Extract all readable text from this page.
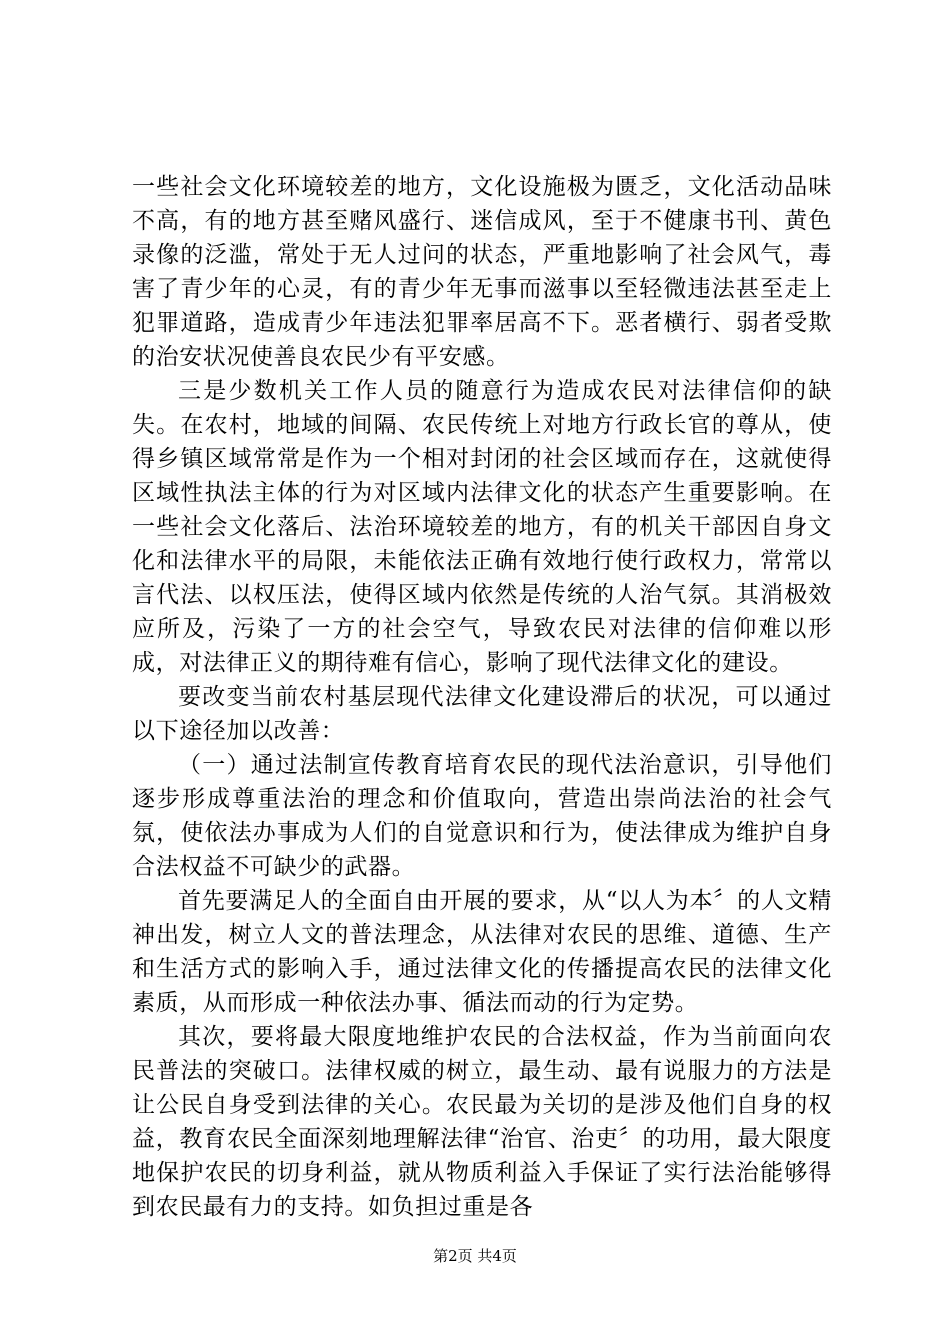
一些社会文化环境较差的地方，文化设施极为匮乏，文化活动品味不高，有的地方甚至赌风盛行、迷信成风，至于不健康书刊、黄色录像的泛滥，常处于无人过问的状态，严重地影响了社会风气，毒害了青少年的心灵，有的青少年无事而滋事以至轻微违法甚至走上犯罪道路，造成青少年违法犯罪率居高不下。恶者横行、弱者受欺的治安状况使善良农民少有平安感。

三是少数机关工作人员的随意行为造成农民对法律信仰的缺失。在农村，地域的间隔、农民传统上对地方行政长官的尊从，使得乡镇区域常常是作为一个相对封闭的社会区域而存在，这就使得区域性执法主体的行为对区域内法律文化的状态产生重要影响。在一些社会文化落后、法治环境较差的地方，有的机关干部因自身文化和法律水平的局限，未能依法正确有效地行使行政权力，常常以言代法、以权压法，使得区域内依然是传统的人治气氛。其消极效应所及，污染了一方的社会空气，导致农民对法律的信仰难以形成，对法律正义的期待难有信心，影响了现代法律文化的建设。

要改变当前农村基层现代法律文化建设滞后的状况，可以通过以下途径加以改善：

（一）通过法制宣传教育培育农民的现代法治意识，引导他们逐步形成尊重法治的理念和价值取向，营造出崇尚法治的社会气氛，使依法办事成为人们的自觉意识和行为，使法律成为维护自身合法权益不可缺少的武器。

首先要满足人的全面自由开展的要求，从“以人为本〞的人文精神出发，树立人文的普法理念，从法律对农民的思维、道德、生产和生活方式的影响入手，通过法律文化的传播提高农民的法律文化素质，从而形成一种依法办事、循法而动的行为定势。

其次，要将最大限度地维护农民的合法权益，作为当前面向农民普法的突破口。法律权威的树立，最生动、最有说服力的方法是让公民自身受到法律的关心。农民最为关切的是涉及他们自身的权益，教育农民全面深刻地理解法律“治官、治吏〞的功用，最大限度地保护农民的切身利益，就从物质利益入手保证了实行法治能够得到农民最有力的支持。如负担过重是各

第2页 共4页
